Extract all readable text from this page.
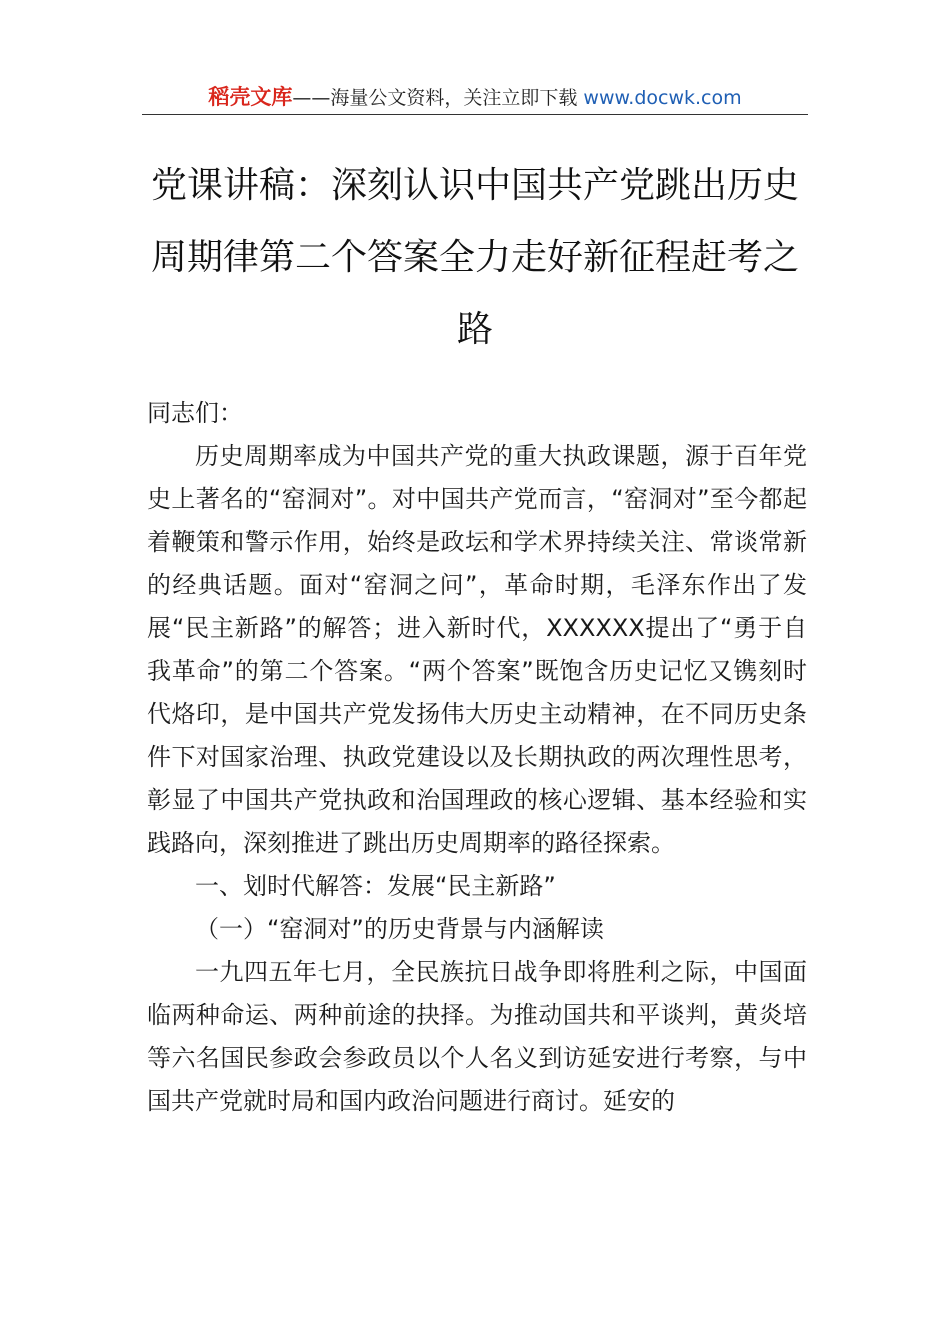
稻壳文库——海量公文资料，关注立即下载 www.docwk.com
党课讲稿：深刻认识中国共产党跳出历史周期律第二个答案全力走好新征程赶考之路

同志们：

历史周期率成为中国共产党的重大执政课题，源于百年党史上著名的“窑洞对”。对中国共产党而言，“窑洞对”至今都起着鞭策和警示作用，始终是政坛和学术界持续关注、常谈常新的经典话题。面对“窑洞之问”，革命时期，毛泽东作出了发展“民主新路”的解答；进入新时代，XXXXXX提出了“勇于自我革命”的第二个答案。“两个答案”既饱含历史记忆又镌刻时代烙印，是中国共产党发扬伟大历史主动精神，在不同历史条件下对国家治理、执政党建设以及长期执政的两次理性思考，彰显了中国共产党执政和治国理政的核心逻辑、基本经验和实践路向，深刻推进了跳出历史周期率的路径探索。

一、划时代解答：发展“民主新路”

（一）“窑洞对”的历史背景与内涵解读

一九四五年七月，全民族抗日战争即将胜利之际，中国面临两种命运、两种前途的抉择。为推动国共和平谈判，黄炎培等六名国民参政会参政员以个人名义到访延安进行考察，与中国共产党就时局和国内政治问题进行商讨。延安的
